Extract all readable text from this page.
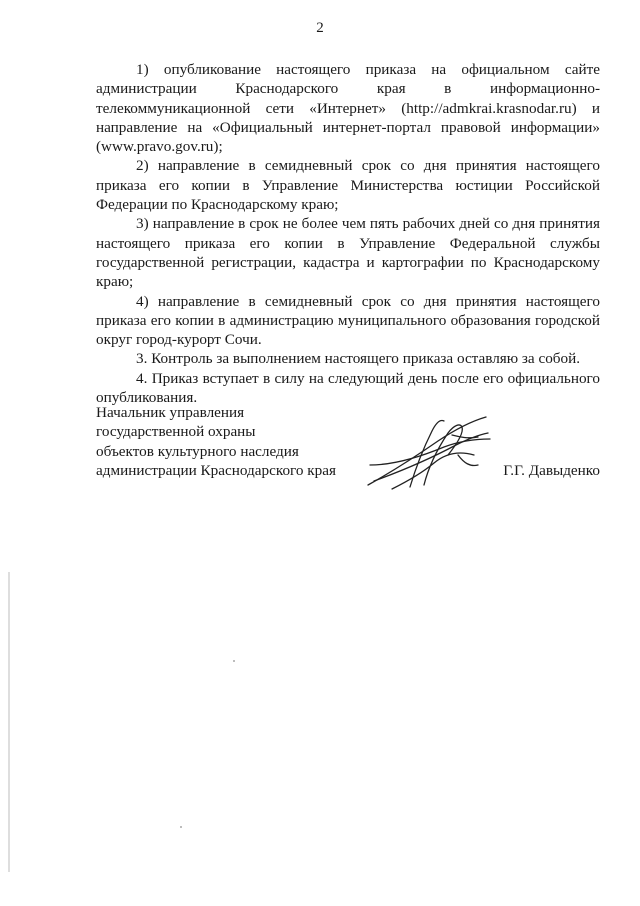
2

1) опубликование настоящего приказа на официальном сайте администрации Краснодарского края в информационно-телекоммуникационной сети «Интернет» (http://admkrai.krasnodar.ru) и направление на «Официальный интернет-портал правовой информации» (www.pravo.gov.ru);

2) направление в семидневный срок со дня принятия настоящего приказа его копии в Управление Министерства юстиции Российской Федерации по Краснодарскому краю;

3) направление в срок не более чем пять рабочих дней со дня принятия настоящего приказа его копии в Управление Федеральной службы государственной регистрации, кадастра и картографии по Краснодарскому краю;

4) направление в семидневный срок со дня принятия настоящего приказа его копии в администрацию муниципального образования городской округ город-курорт Сочи.

3. Контроль за выполнением настоящего приказа оставляю за собой.

4. Приказ вступает в силу на следующий день после его официального опубликования.

Начальник управления
государственной охраны
объектов культурного наследия
администрации Краснодарского края	Г.Г. Давыденко
